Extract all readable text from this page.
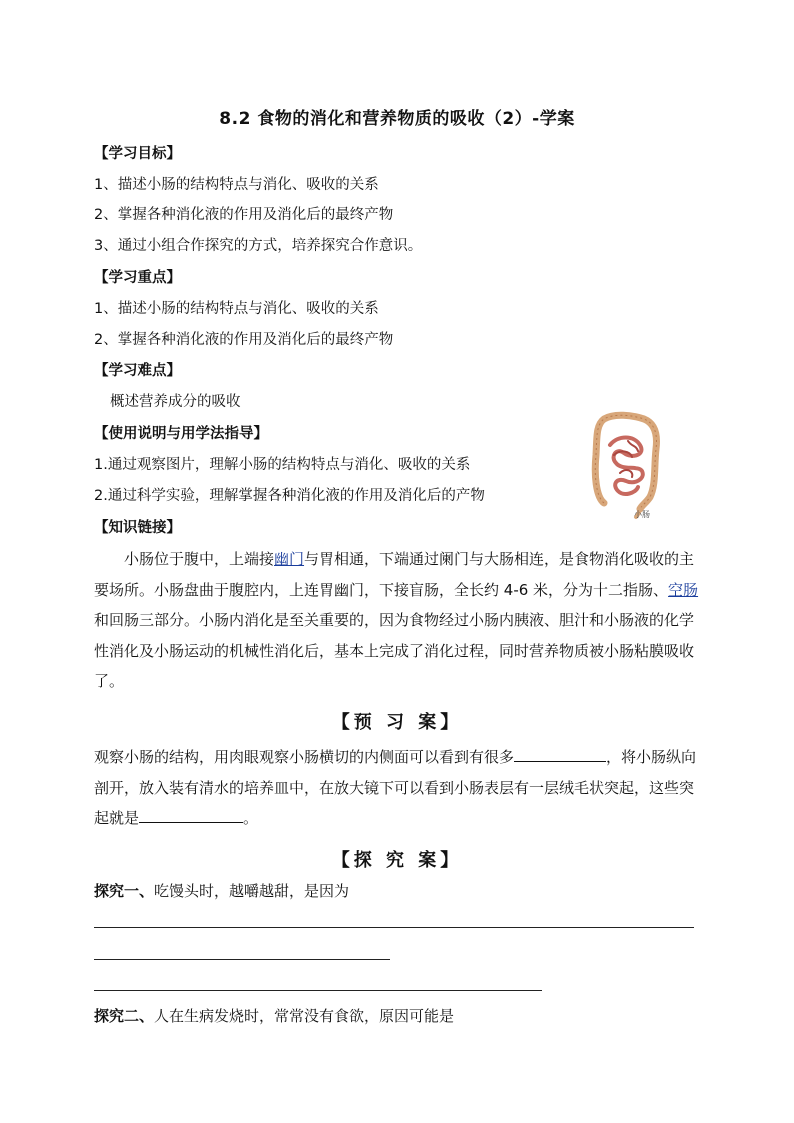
8.2 食物的消化和营养物质的吸收（2）-学案
【学习目标】
1、描述小肠的结构特点与消化、吸收的关系
2、掌握各种消化液的作用及消化后的最终产物
3、通过小组合作探究的方式，培养探究合作意识。
【学习重点】
1、描述小肠的结构特点与消化、吸收的关系
2、掌握各种消化液的作用及消化后的最终产物
【学习难点】
概述营养成分的吸收
【使用说明与用学法指导】
1.通过观察图片，理解小肠的结构特点与消化、吸收的关系
2.通过科学实验，理解掌握各种消化液的作用及消化后的产物
小肠
【知识链接】
小肠位于腹中，上端接幽门与胃相通，下端通过阑门与大肠相连，是食物消化吸收的主要场所。小肠盘曲于腹腔内，上连胃幽门，下接盲肠，全长约 4-6 米，分为十二指肠、空肠和回肠三部分。小肠内消化是至关重要的，因为食物经过小肠内胰液、胆汁和小肠液的化学性消化及小肠运动的机械性消化后，基本上完成了消化过程，同时营养物质被小肠粘膜吸收了。
【预 习 案】
观察小肠的结构，用肉眼观察小肠横切的内侧面可以看到有很多	，将小肠纵向剖开，放入装有清水的培养皿中，在放大镜下可以看到小肠表层有一层绒毛状突起，这些突起就是	。
【探 究 案】
探究一、吃馒头时，越嚼越甜，是因为
探究二、人在生病发烧时，常常没有食欲，原因可能是
